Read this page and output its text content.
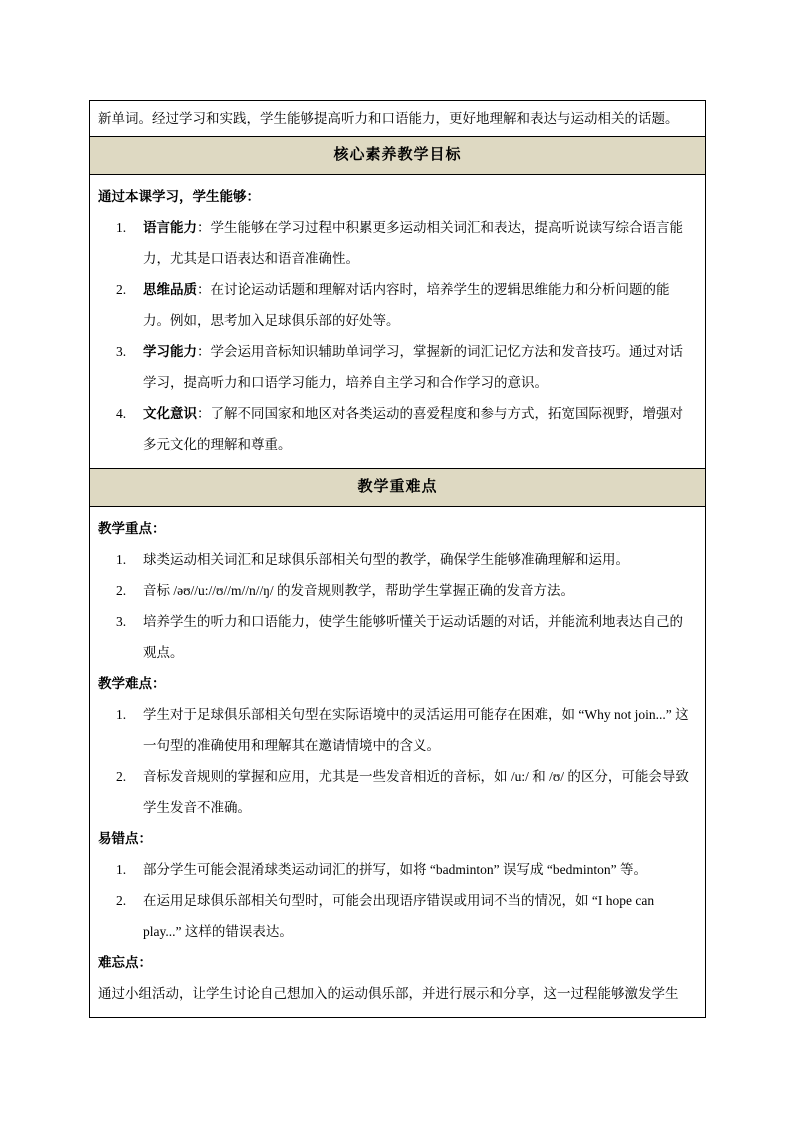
新单词。经过学习和实践，学生能够提高听力和口语能力，更好地理解和表达与运动相关的话题。
核心素养教学目标

通过本课学习，学生能够：

1.	语言能力：学生能够在学习过程中积累更多运动相关词汇和表达，提高听说读写综合语言能力，尤其是口语表达和语音准确性。
2.	思维品质：在讨论运动话题和理解对话内容时，培养学生的逻辑思维能力和分析问题的能力。例如，思考加入足球俱乐部的好处等。
3.	学习能力：学会运用音标知识辅助单词学习，掌握新的词汇记忆方法和发音技巧。通过对话学习，提高听力和口语学习能力，培养自主学习和合作学习的意识。
4.	文化意识：了解不同国家和地区对各类运动的喜爱程度和参与方式，拓宽国际视野，增强对多元文化的理解和尊重。
教学重难点

教学重点：

1.	球类运动相关词汇和足球俱乐部相关句型的教学，确保学生能够准确理解和运用。
2.	音标 /əʊ//u://ʊ//m//n//ŋ/ 的发音规则教学，帮助学生掌握正确的发音方法。
3.	培养学生的听力和口语能力，使学生能够听懂关于运动话题的对话，并能流利地表达自己的观点。

教学难点：

1.	学生对于足球俱乐部相关句型在实际语境中的灵活运用可能存在困难，如 “Why not join...” 这一句型的准确使用和理解其在邀请情境中的含义。
2.	音标发音规则的掌握和应用，尤其是一些发音相近的音标，如 /u:/ 和 /ʊ/ 的区分，可能会导致学生发音不准确。

易错点：

1.	部分学生可能会混淆球类运动词汇的拼写，如将 “badminton” 误写成 “bedminton” 等。
2.	在运用足球俱乐部相关句型时，可能会出现语序错误或用词不当的情况，如 “I hope can play...” 这样的错误表达。

难忘点：

通过小组活动，让学生讨论自己想加入的运动俱乐部，并进行展示和分享，这一过程能够激发学生
